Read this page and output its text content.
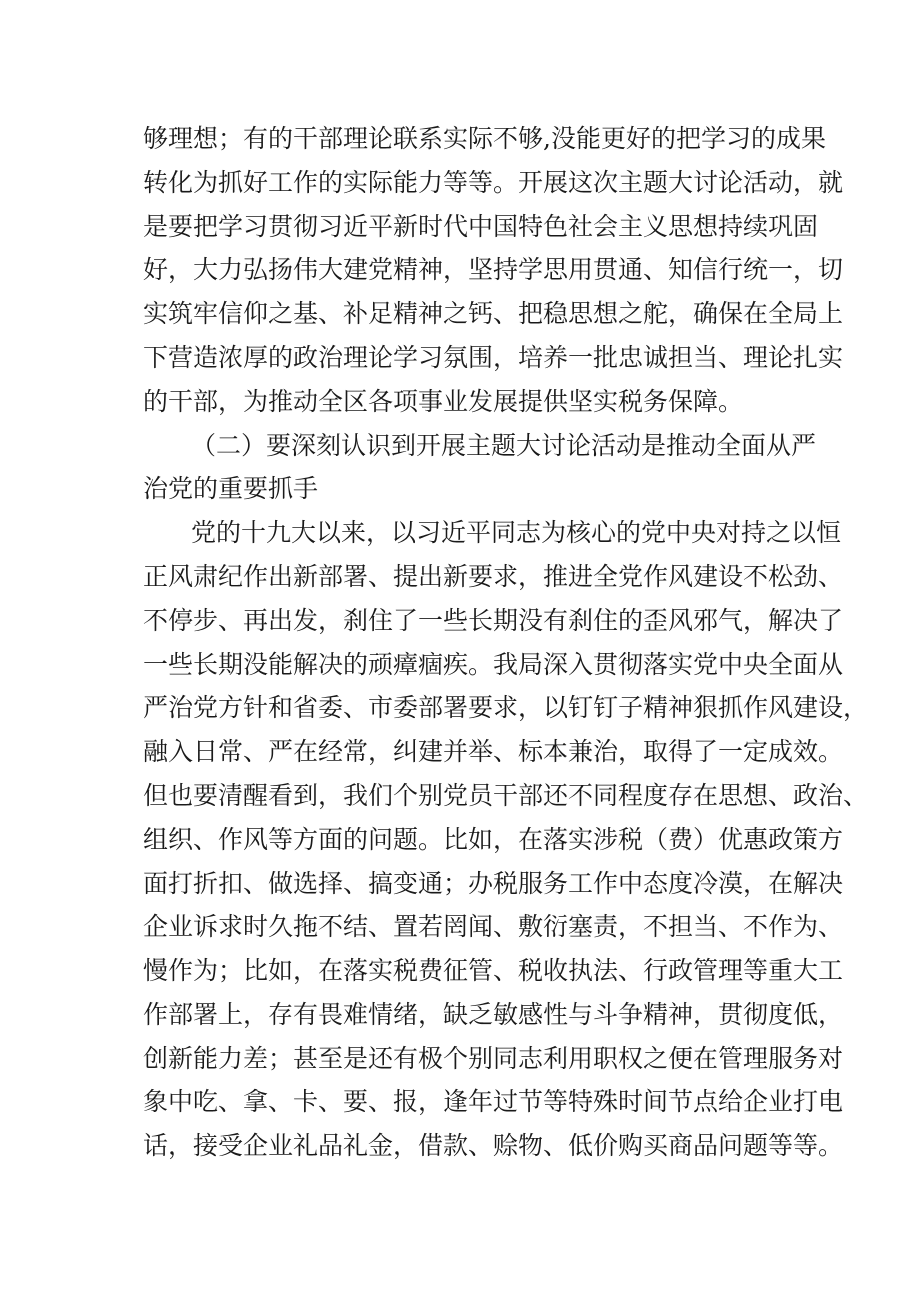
够理想；有的干部理论联系实际不够,没能更好的把学习的成果
转化为抓好工作的实际能力等等。开展这次主题大讨论活动，就
是要把学习贯彻习近平新时代中国特色社会主义思想持续巩固
好，大力弘扬伟大建党精神，坚持学思用贯通、知信行统一，切
实筑牢信仰之基、补足精神之钙、把稳思想之舵，确保在全局上
下营造浓厚的政治理论学习氛围，培养一批忠诚担当、理论扎实
的干部，为推动全区各项事业发展提供坚实税务保障。
（二）要深刻认识到开展主题大讨论活动是推动全面从严
治党的重要抓手
党的十九大以来，以习近平同志为核心的党中央对持之以恒
正风肃纪作出新部署、提出新要求，推进全党作风建设不松劲、
不停步、再出发，刹住了一些长期没有刹住的歪风邪气，解决了
一些长期没能解决的顽瘴痼疾。我局深入贯彻落实党中央全面从
严治党方针和省委、市委部署要求，以钉钉子精神狠抓作风建设，
融入日常、严在经常，纠建并举、标本兼治，取得了一定成效。
但也要清醒看到，我们个别党员干部还不同程度存在思想、政治、
组织、作风等方面的问题。比如，在落实涉税（费）优惠政策方
面打折扣、做选择、搞变通；办税服务工作中态度冷漠，在解决
企业诉求时久拖不结、置若罔闻、敷衍塞责，不担当、不作为、
慢作为；比如，在落实税费征管、税收执法、行政管理等重大工
作部署上，存有畏难情绪，缺乏敏感性与斗争精神，贯彻度低，
创新能力差；甚至是还有极个别同志利用职权之便在管理服务对
象中吃、拿、卡、要、报，逢年过节等特殊时间节点给企业打电
话，接受企业礼品礼金，借款、赊物、低价购买商品问题等等。
